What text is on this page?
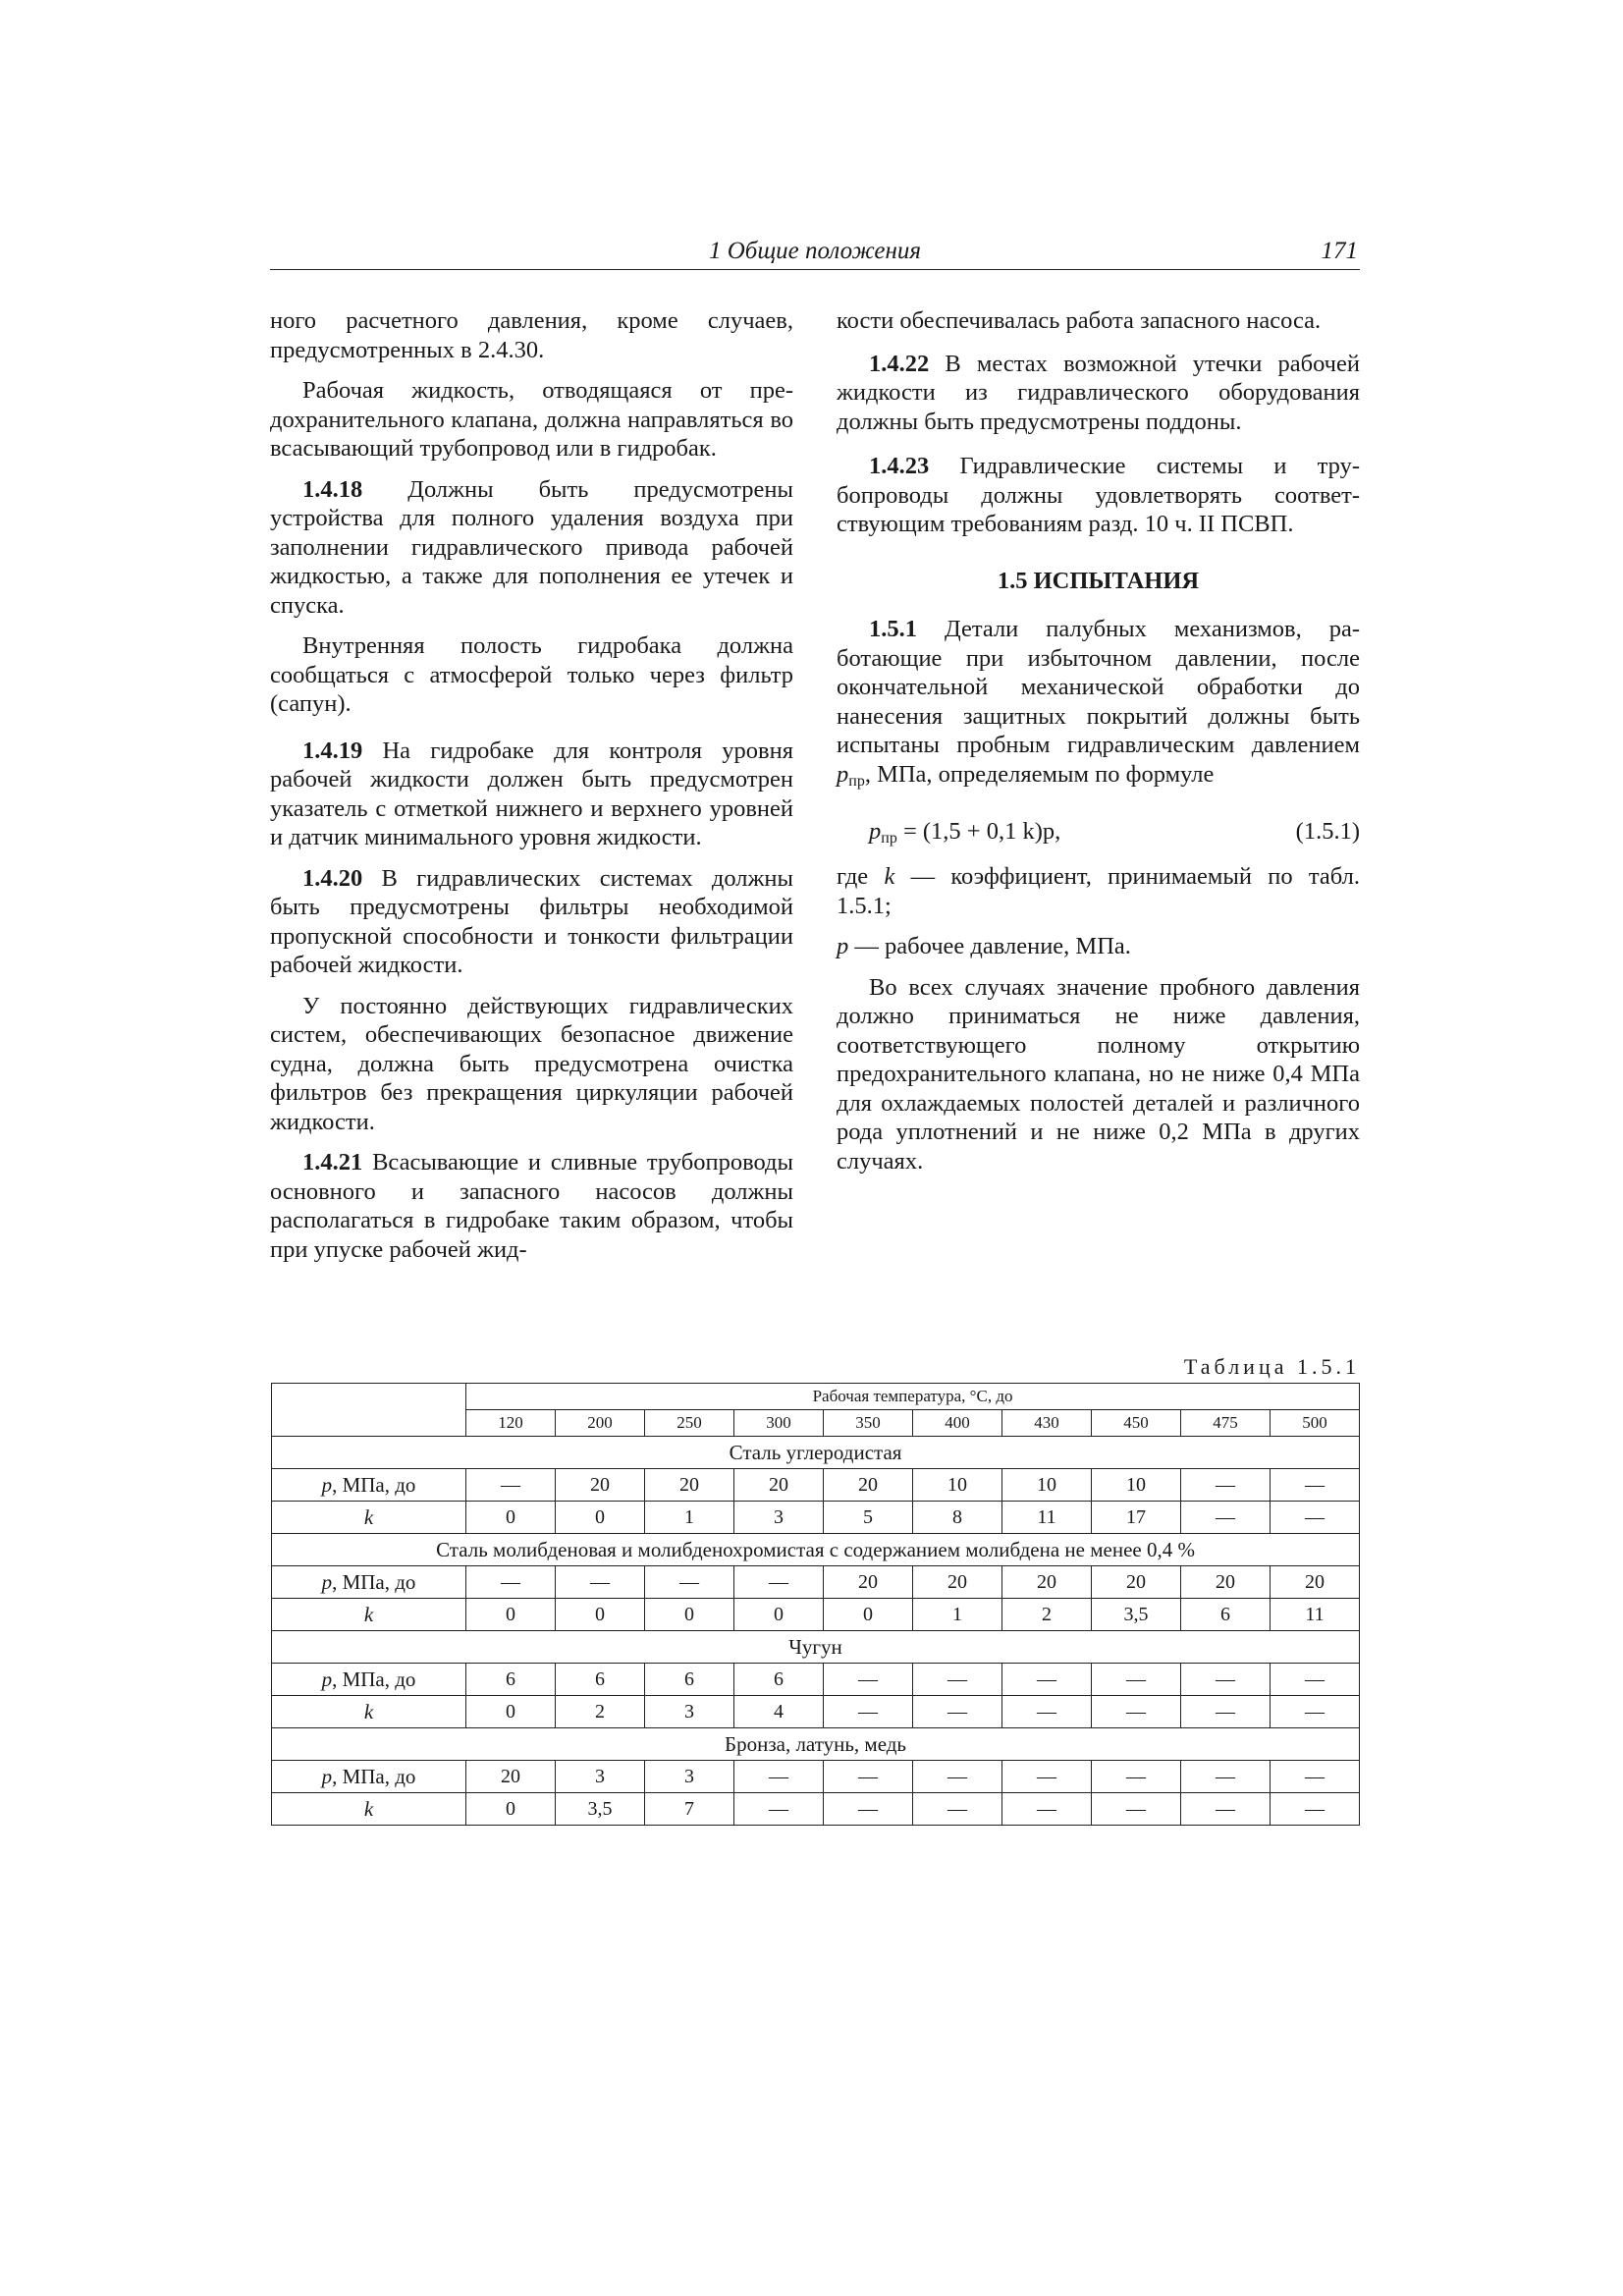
1 Общие положения	171

ного расчетного давления, кроме случаев, предусмотренных в 2.4.30.

Рабочая жидкость, отводящаяся от предохранительного клапана, должна направляться во всасывающий трубопровод или в гидробак.

1.4.18 Должны быть предусмотрены устройства для полного удаления воздуха при заполнении гидравлического привода рабочей жидкостью, а также для пополнения ее утечек и спуска.

Внутренняя полость гидробака должна сообщаться с атмосферой только через фильтр (сапун).

1.4.19 На гидробаке для контроля уровня рабочей жидкости должен быть предусмотрен указатель с отметкой нижнего и верхнего уровней и датчик минимального уровня жидкости.

1.4.20 В гидравлических системах должны быть предусмотрены фильтры необходимой пропускной способности и тонкости фильтрации рабочей жидкости.

У постоянно действующих гидравлических систем, обеспечивающих безопасное движение судна, должна быть предусмотрена очистка фильтров без прекращения циркуляции рабочей жидкости.

1.4.21 Всасывающие и сливные трубопроводы основного и запасного насосов должны располагаться в гидробаке таким образом, чтобы при упуске рабочей жид-

кости обеспечивалась работа запасного насоса.

1.4.22 В местах возможной утечки рабочей жидкости из гидравлического оборудования должны быть предусмотрены поддоны.

1.4.23 Гидравлические системы и трубопроводы должны удовлетворять соответствующим требованиям разд. 10 ч. II ПСВП.

1.5 ИСПЫТАНИЯ

1.5.1 Детали палубных механизмов, работающие при избыточном давлении, после окончательной механической обработки до нанесения защитных покрытий должны быть испытаны пробным гидравлическим давлением $p_{пр}$, МПа, определяемым по формуле

$p_{пр} = (1,5 + 0,1$ k)p,	(1.5.1)

где k — коэффициент, принимаемый по табл. 1.5.1;

p — рабочее давление, МПа.

Во всех случаях значение пробного давления должно приниматься не ниже давления, соответствующего полному открытию предохранительного клапана, но не ниже 0,4 МПа для охлаждаемых полостей деталей и различного рода уплотнений и не ниже 0,2 МПа в других случаях.

Таблица 1.5.1
	Рабочая температура, °С, до									
	120	200	250	300	350	400	430	450	475	500
Сталь углеродистая										
p, МПа, до	—	20	20	20	20	10	10	10	—	—
k	0	0	1	3	5	8	11	17	—	—
Сталь молибденовая и молибденохромистая с содержанием молибдена не менее 0,4 %										
p, МПа, до	—	—	—	—	20	20	20	20	20	20
k	0	0	0	0	0	1	2	3,5	6	11
Чугун										
p, МПа, до	6	6	6	6	—	—	—	—	—	—
k	0	2	3	4	—	—	—	—	—	—
Бронза, латунь, медь										
p, МПа, до	20	3	3	—	—	—	—	—	—	—
k	0	3,5	7	—	—	—	—	—	—	—
